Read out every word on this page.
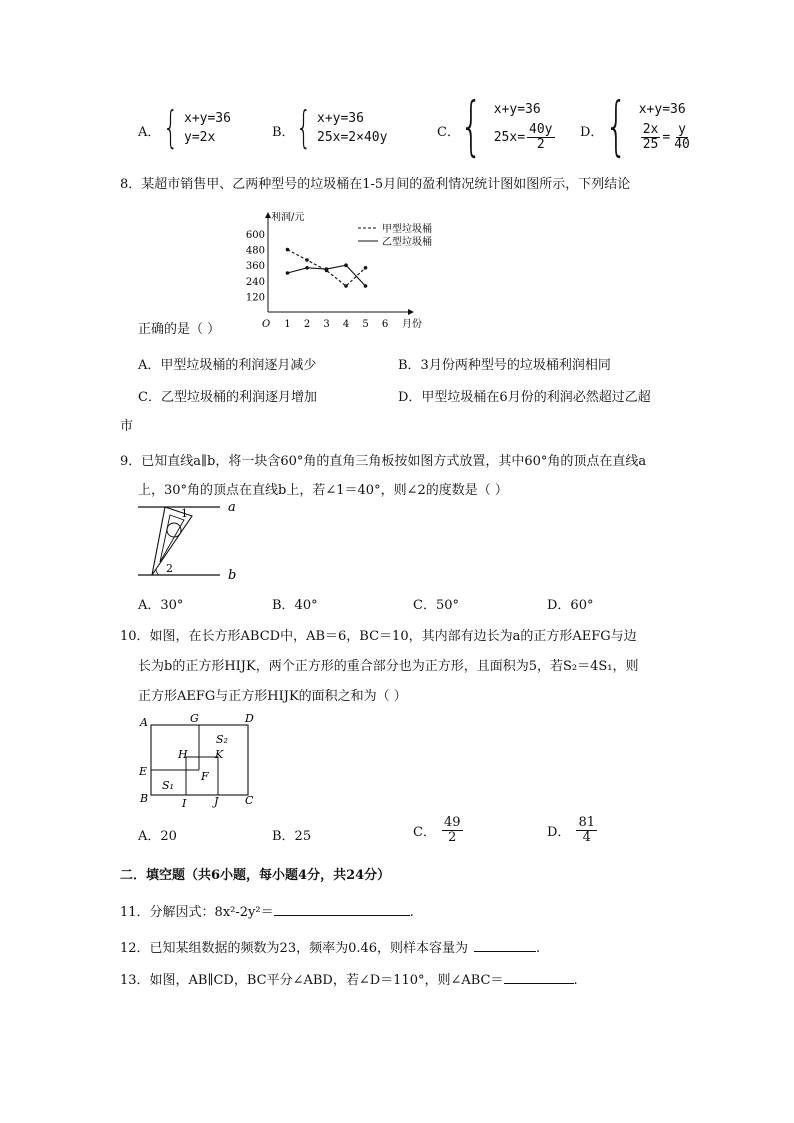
A． { x+y=36
y=2x	B． { x+y=36
25x=2×40y	C． { x+y=36
$25x= \frac{40y}{2}$ D． { x+y=36
$\frac{2x}{25} = \frac{y}{40}$
8．某超市销售甲、乙两种型号的垃圾桶在1-5月间的盈利情况统计图如图所示，下列结论
利润/元
月份
O
120
240
360
480
600
1 2 3 4 5 6
甲型垃圾桶
乙型垃圾桶
正确的是（ ）
A．甲型垃圾桶的利润逐月减少	B．3月份两种型号的垃圾桶利润相同
C．乙型垃圾桶的利润逐月增加	D．甲型垃圾桶在6月份的利润必然超过乙超
市
9．已知直线a∥b，将一块含60°角的直角三角板按如图方式放置，其中60°角的顶点在直线a
上，30°角的顶点在直线b上，若∠1＝40°，则∠2的度数是（ ）
a
b
1
2
A．30°	B．40°	C．50°	D．60°
10．如图，在长方形ABCD中，AB＝6，BC＝10，其内部有边长为a的正方形AEFG与边
长为b的正方形HIJK，两个正方形的重合部分也为正方形，且面积为5，若S₂＝4S₁，则
正方形AEFG与正方形HIJK的面积之和为（ ）
A
B	C
D
E	F
G
H
I	J
K
S₂
S₁
A．20	B．25	C． $\frac{49}{2}$	D． $\frac{81}{4}$
二．填空题（共6小题，每小题4分，共24分）
11．分解因式：8x²-2y²＝	.
12．已知某组数据的频数为23，频率为0.46，则样本容量为	.
13．如图，AB∥CD，BC平分∠ABD，若∠D＝110°，则∠ABC＝	.
